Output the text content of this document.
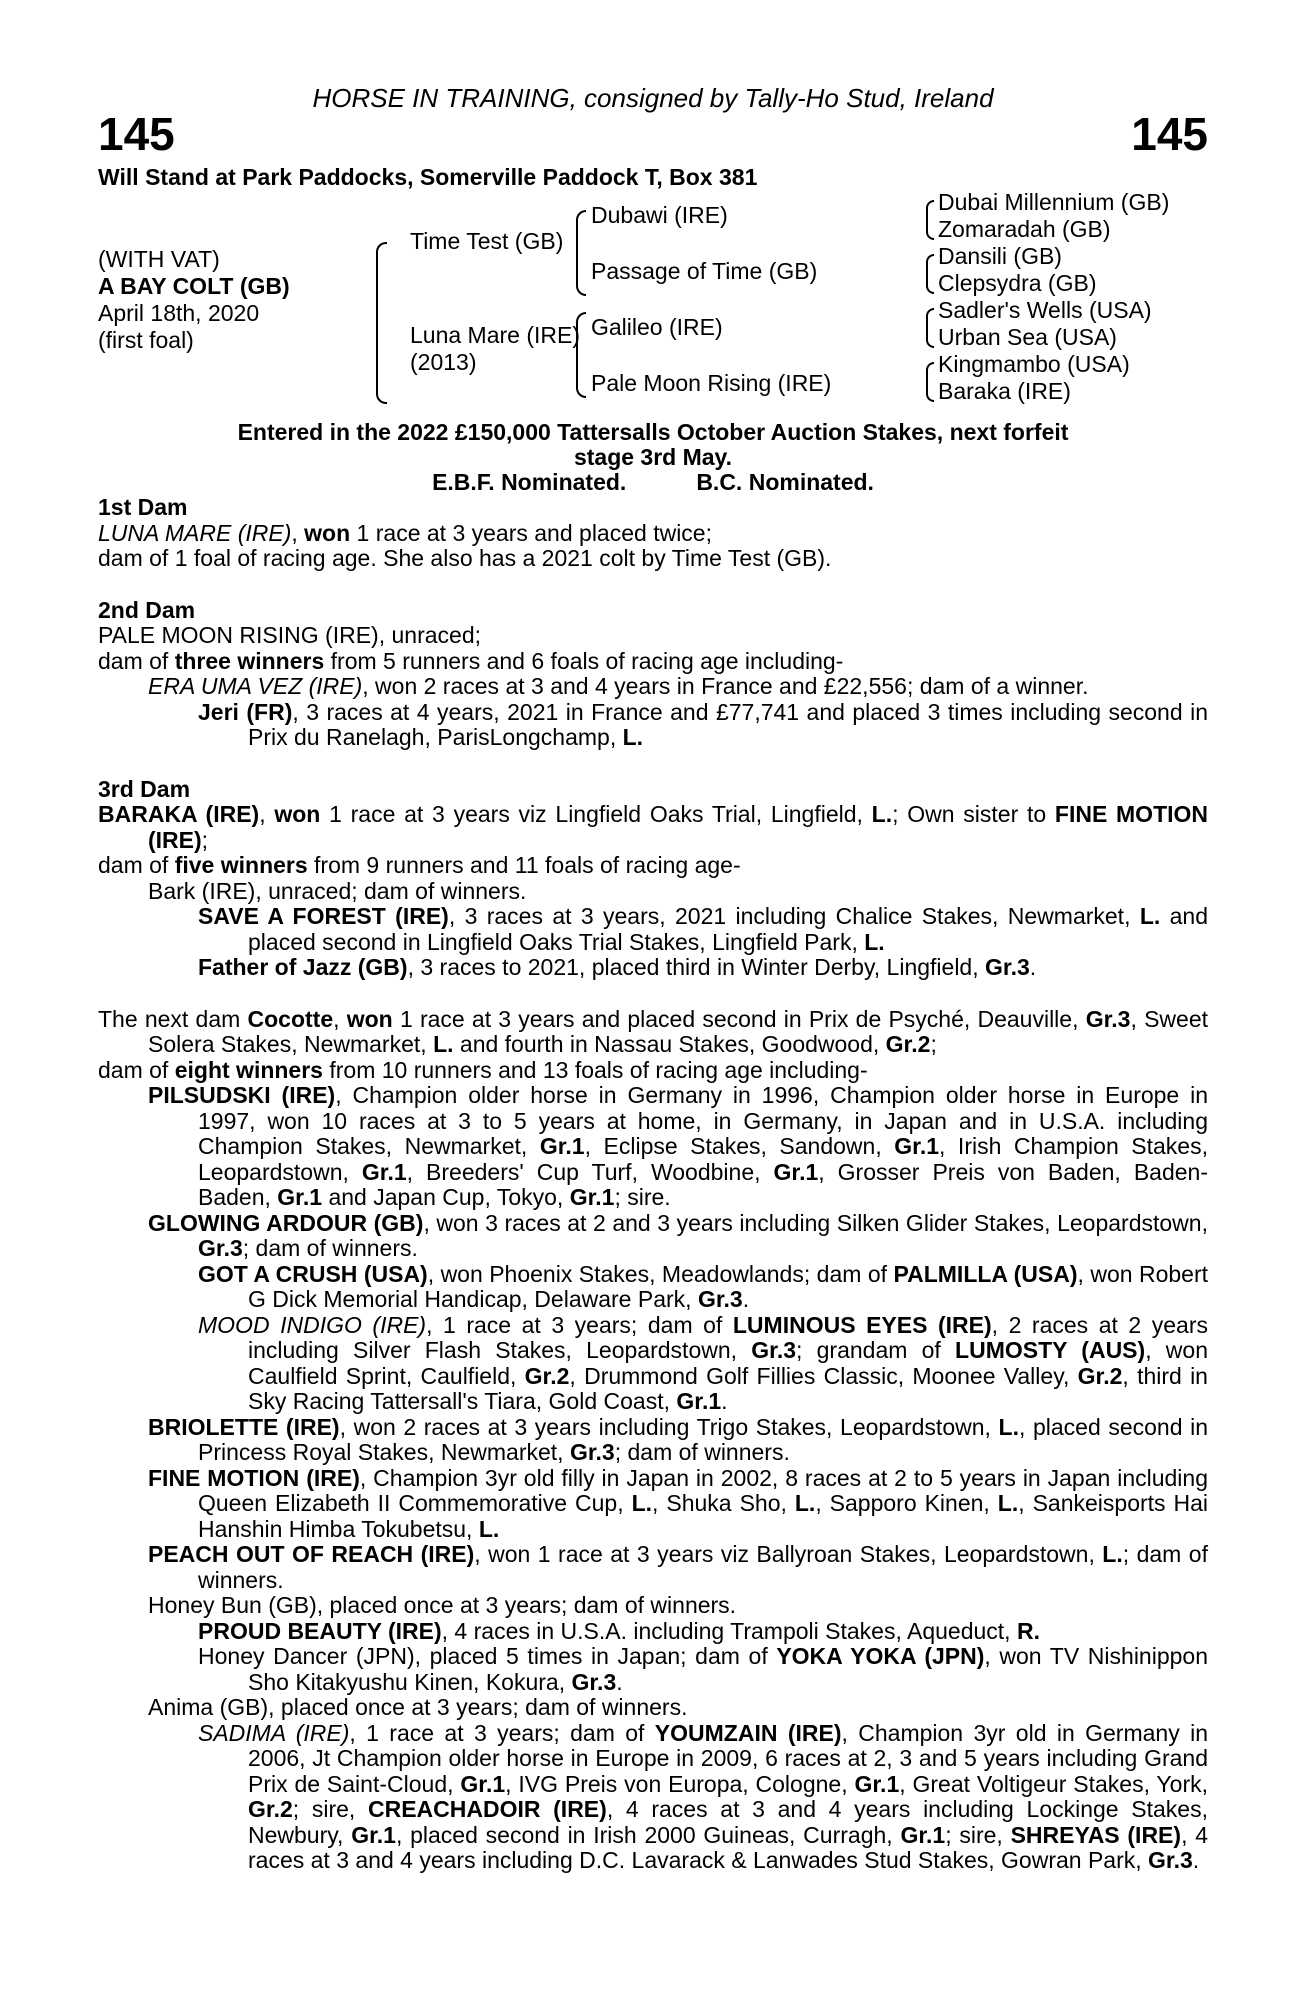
HORSE IN TRAINING, consigned by Tally-Ho Stud, Ireland
145	145
Will Stand at Park Paddocks, Somerville Paddock T, Box 381
(WITH VAT)
A BAY COLT (GB)
April 18th, 2020
(first foal)
Time Test (GB)
Luna Mare (IRE)
(2013)
Dubawi (IRE)
Passage of Time (GB)
Galileo (IRE)
Pale Moon Rising (IRE)
Dubai Millennium (GB)
Zomaradah (GB)
Dansili (GB)
Clepsydra (GB)
Sadler's Wells (USA)
Urban Sea (USA)
Kingmambo (USA)
Baraka (IRE)
Entered in the 2022 £150,000 Tattersalls October Auction Stakes, next forfeit
stage 3rd May.
E.B.F. Nominated.	B.C. Nominated.

1st Dam

LUNA MARE (IRE), won 1 race at 3 years and placed twice;

dam of 1 foal of racing age. She also has a 2021 colt by Time Test (GB).

2nd Dam

PALE MOON RISING (IRE), unraced;

dam of three winners from 5 runners and 6 foals of racing age including-

ERA UMA VEZ (IRE), won 2 races at 3 and 4 years in France and £22,556; dam of a winner.

Jeri (FR), 3 races at 4 years, 2021 in France and £77,741 and placed 3 times including second in Prix du Ranelagh, ParisLongchamp, L.

3rd Dam

BARAKA (IRE), won 1 race at 3 years viz Lingfield Oaks Trial, Lingfield, L.; Own sister to FINE MOTION (IRE);

dam of five winners from 9 runners and 11 foals of racing age-

Bark (IRE), unraced; dam of winners.

SAVE A FOREST (IRE), 3 races at 3 years, 2021 including Chalice Stakes, Newmarket, L. and placed second in Lingfield Oaks Trial Stakes, Lingfield Park, L.

Father of Jazz (GB), 3 races to 2021, placed third in Winter Derby, Lingfield, Gr.3.

The next dam Cocotte, won 1 race at 3 years and placed second in Prix de Psyché, Deauville, Gr.3, Sweet Solera Stakes, Newmarket, L. and fourth in Nassau Stakes, Goodwood, Gr.2;

dam of eight winners from 10 runners and 13 foals of racing age including-

PILSUDSKI (IRE), Champion older horse in Germany in 1996, Champion older horse in Europe in 1997, won 10 races at 3 to 5 years at home, in Germany, in Japan and in U.S.A. including Champion Stakes, Newmarket, Gr.1, Eclipse Stakes, Sandown, Gr.1, Irish Champion Stakes, Leopardstown, Gr.1, Breeders' Cup Turf, Woodbine, Gr.1, Grosser Preis von Baden, Baden-Baden, Gr.1 and Japan Cup, Tokyo, Gr.1; sire.

GLOWING ARDOUR (GB), won 3 races at 2 and 3 years including Silken Glider Stakes, Leopardstown, Gr.3; dam of winners.

GOT A CRUSH (USA), won Phoenix Stakes, Meadowlands; dam of PALMILLA (USA), won Robert G Dick Memorial Handicap, Delaware Park, Gr.3.

MOOD INDIGO (IRE), 1 race at 3 years; dam of LUMINOUS EYES (IRE), 2 races at 2 years including Silver Flash Stakes, Leopardstown, Gr.3; grandam of LUMOSTY (AUS), won Caulfield Sprint, Caulfield, Gr.2, Drummond Golf Fillies Classic, Moonee Valley, Gr.2, third in Sky Racing Tattersall's Tiara, Gold Coast, Gr.1.

BRIOLETTE (IRE), won 2 races at 3 years including Trigo Stakes, Leopardstown, L., placed second in Princess Royal Stakes, Newmarket, Gr.3; dam of winners.

FINE MOTION (IRE), Champion 3yr old filly in Japan in 2002, 8 races at 2 to 5 years in Japan including Queen Elizabeth II Commemorative Cup, L., Shuka Sho, L., Sapporo Kinen, L., Sankeisports Hai Hanshin Himba Tokubetsu, L.

PEACH OUT OF REACH (IRE), won 1 race at 3 years viz Ballyroan Stakes, Leopardstown, L.; dam of winners.

Honey Bun (GB), placed once at 3 years; dam of winners.

PROUD BEAUTY (IRE), 4 races in U.S.A. including Trampoli Stakes, Aqueduct, R.

Honey Dancer (JPN), placed 5 times in Japan; dam of YOKA YOKA (JPN), won TV Nishinippon Sho Kitakyushu Kinen, Kokura, Gr.3.

Anima (GB), placed once at 3 years; dam of winners.

SADIMA (IRE), 1 race at 3 years; dam of YOUMZAIN (IRE), Champion 3yr old in Germany in 2006, Jt Champion older horse in Europe in 2009, 6 races at 2, 3 and 5 years including Grand Prix de Saint-Cloud, Gr.1, IVG Preis von Europa, Cologne, Gr.1, Great Voltigeur Stakes, York, Gr.2; sire, CREACHADOIR (IRE), 4 races at 3 and 4 years including Lockinge Stakes, Newbury, Gr.1, placed second in Irish 2000 Guineas, Curragh, Gr.1; sire, SHREYAS (IRE), 4 races at 3 and 4 years including D.C. Lavarack & Lanwades Stud Stakes, Gowran Park, Gr.3.
